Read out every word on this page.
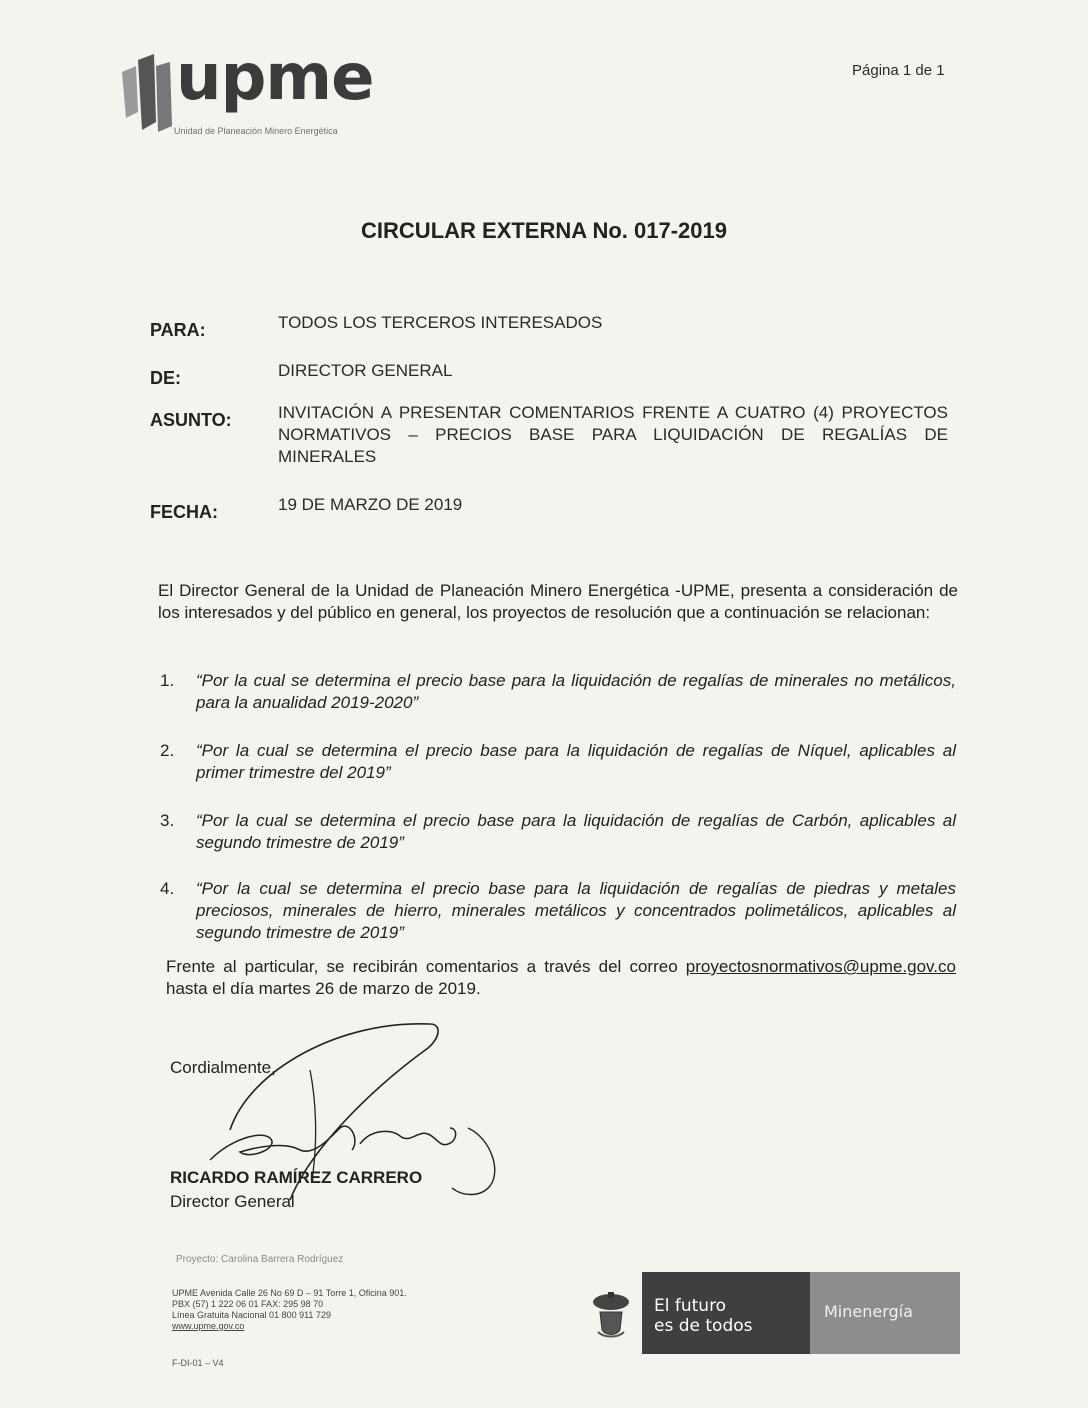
upme
Unidad de Planeación Minero Energética
Página 1 de 1
CIRCULAR EXTERNA No. 017-2019
PARA:	TODOS LOS TERCEROS INTERESADOS
DE:	DIRECTOR GENERAL
ASUNTO:	INVITACIÓN A PRESENTAR COMENTARIOS FRENTE A CUATRO (4) PROYECTOS NORMATIVOS – PRECIOS BASE PARA LIQUIDACIÓN DE REGALÍAS DE MINERALES
FECHA:	19 DE MARZO DE 2019
El Director General de la Unidad de Planeación Minero Energética -UPME, presenta a consideración de los interesados y del público en general, los proyectos de resolución que a continuación se relacionan:
1. “Por la cual se determina el precio base para la liquidación de regalías de minerales no metálicos, para la anualidad 2019-2020”
2. “Por la cual se determina el precio base para la liquidación de regalías de Níquel, aplicables al primer trimestre del 2019”
3. “Por la cual se determina el precio base para la liquidación de regalías de Carbón, aplicables al segundo trimestre de 2019”
4. “Por la cual se determina el precio base para la liquidación de regalías de piedras y metales preciosos, minerales de hierro, minerales metálicos y concentrados polimetálicos, aplicables al segundo trimestre de 2019”
Frente al particular, se recibirán comentarios a través del correo proyectosnormativos@upme.gov.co hasta el día martes 26 de marzo de 2019.
Cordialmente,
RICARDO RAMÍREZ CARRERO
Director General
Proyecto: Carolina Barrera Rodríguez
UPME Avenida Calle 26 No 69 D – 91 Torre 1, Oficina 901.
PBX (57) 1 222 06 01 FAX: 295 98 70
Línea Gratuita Nacional 01 800 911 729
www.upme.gov.co
F-DI-01 – V4
El futuro
es de todos
Minenergía
